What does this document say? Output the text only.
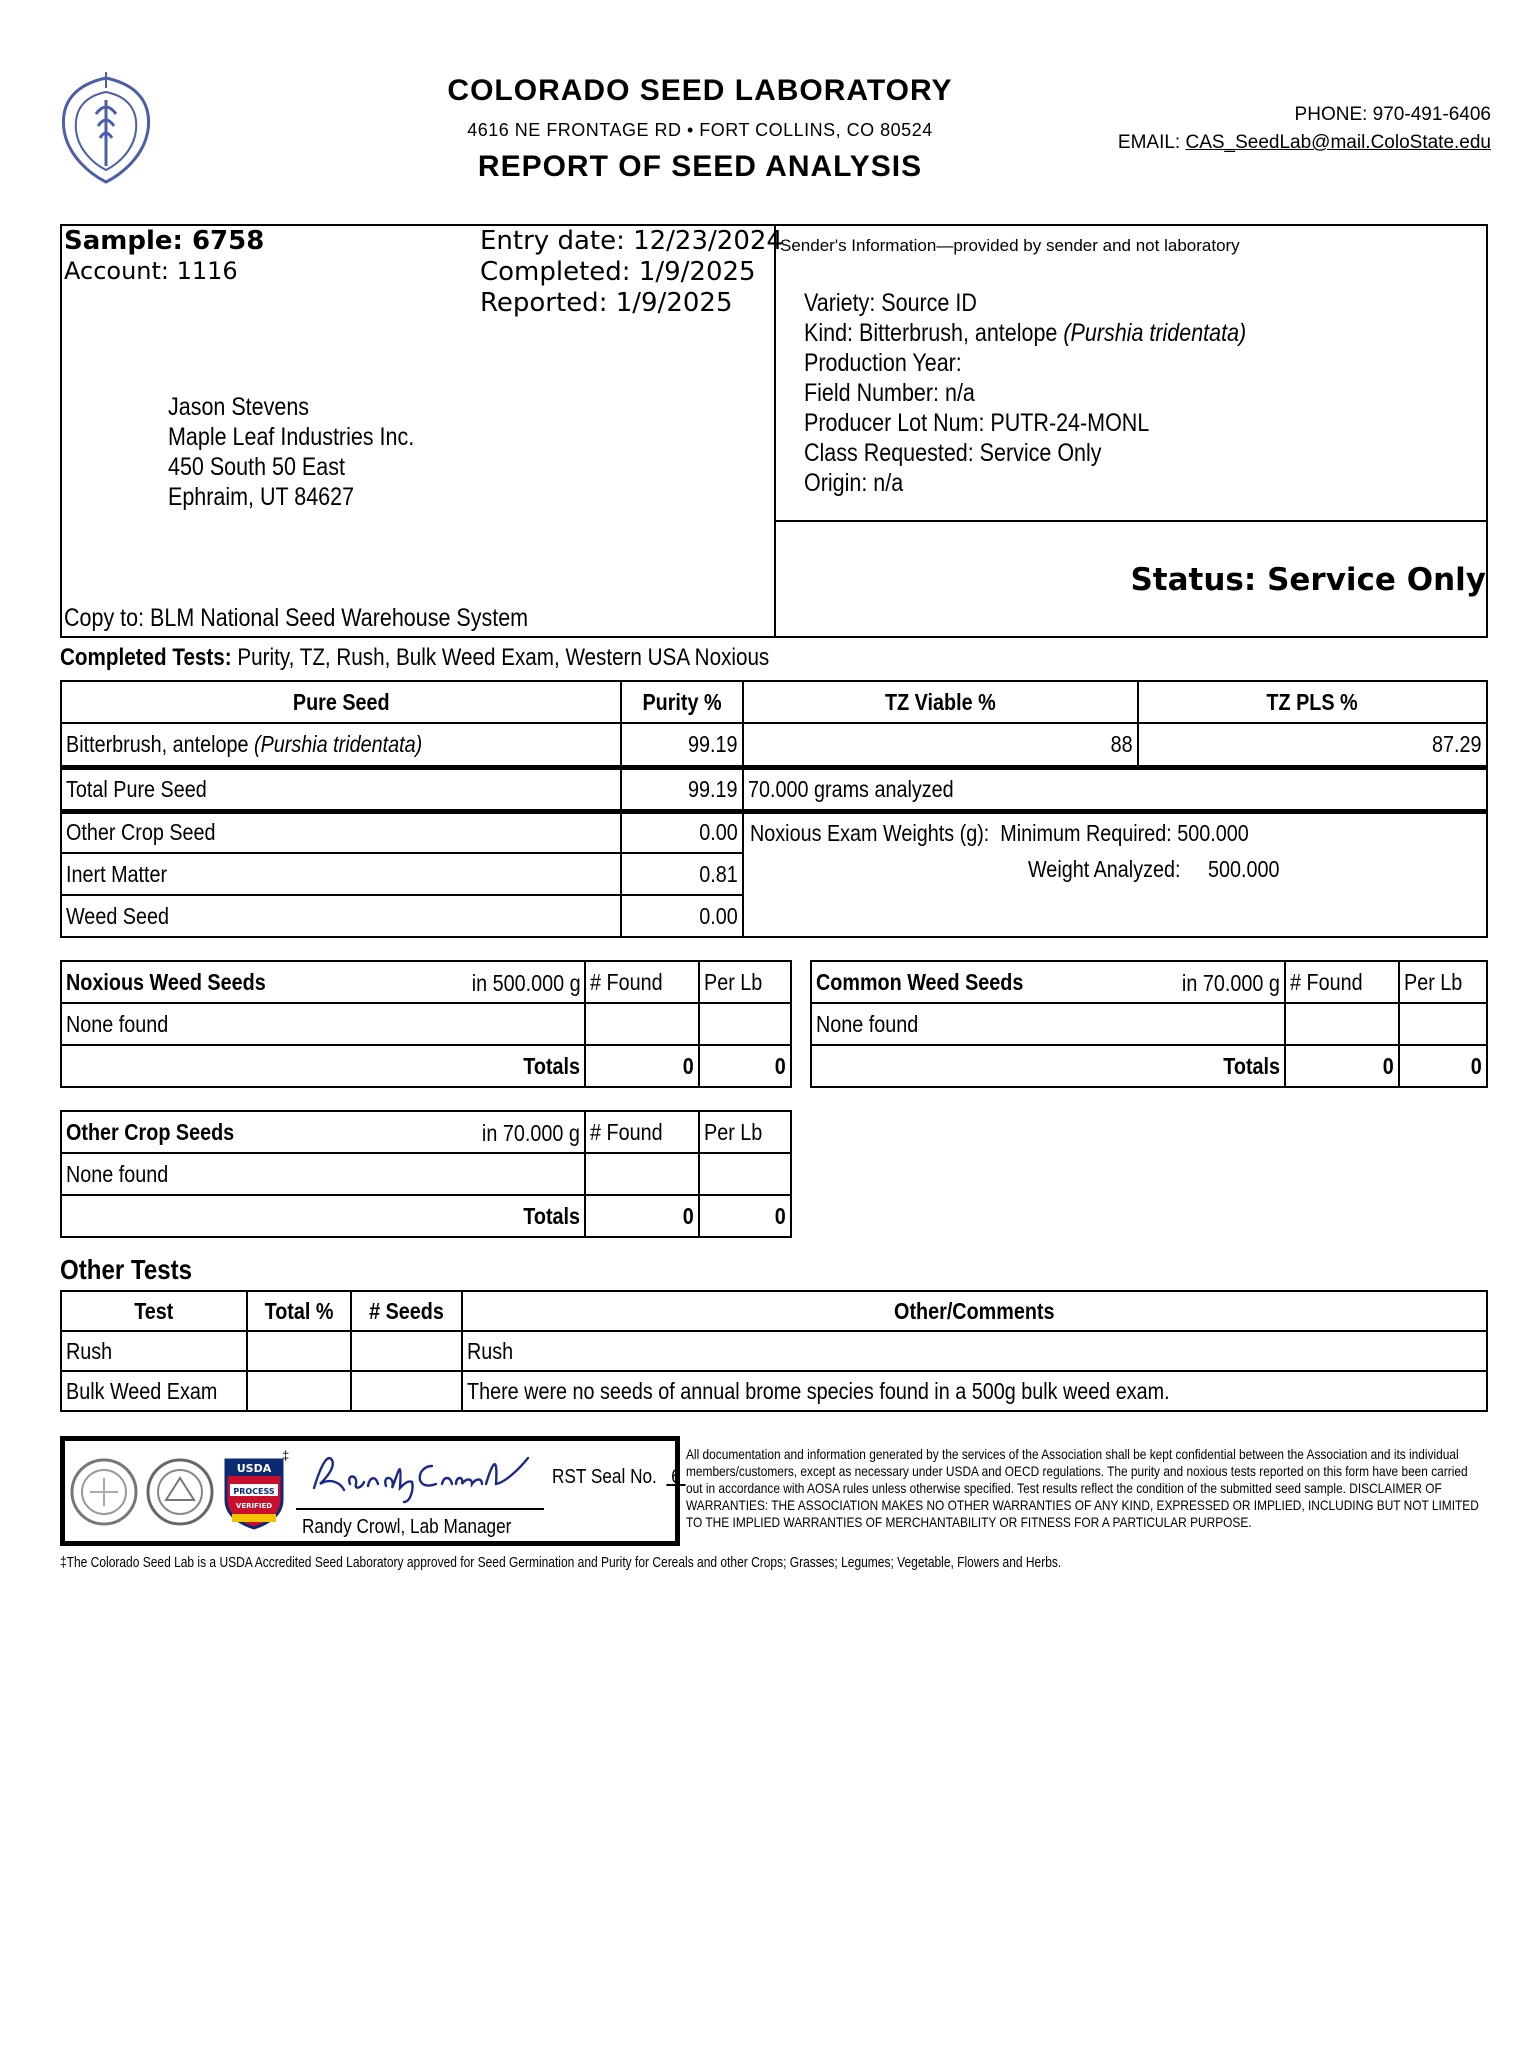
COLORADO SEED LABORATORY
4616 NE FRONTAGE RD • FORT COLLINS, CO 80524
REPORT OF SEED ANALYSIS
PHONE: 970-491-6406
EMAIL: CAS_SeedLab@mail.ColoState.edu
Sample: 6758
Account: 1116
Entry date: 12/23/2024
Completed: 1/9/2025
Reported: 1/9/2025
Jason Stevens
Maple Leaf Industries Inc.
450 South 50 East
Ephraim, UT 84627
Copy to: BLM National Seed Warehouse System
Sender's Information—provided by sender and not laboratory
Variety: Source ID
Kind: Bitterbrush, antelope (Purshia tridentata)
Production Year:
Field Number: n/a
Producer Lot Num: PUTR-24-MONL
Class Requested: Service Only
Origin: n/a
Status: Service Only
Completed Tests: Purity, TZ, Rush, Bulk Weed Exam, Western USA Noxious
Pure Seed	Purity %	TZ Viable %	TZ PLS %
Bitterbrush, antelope (Purshia tridentata)	99.19	88	87.29
Total Pure Seed	99.19	70.000 grams analyzed	
Other Crop Seed	0.00	Noxious Exam Weights (g): Minimum Required: 500.000
Weight Analyzed: 500.000	

Inert Matter	0.81		
Weed Seed	0.00		
Noxious Weed Seeds in 500.000 g	# Found	Per Lb
None found		
Totals	0	0
Common Weed Seeds in 70.000 g	# Found	Per Lb
None found		
Totals	0	0
Other Crop Seeds in 70.000 g	# Found	Per Lb
None found		
Totals	0	0
Other Tests
Test	Total %	# Seeds	Other/Comments
Rush			Rush
Bulk Weed Exam			There were no seeds of annual brome species found in a 500g bulk weed exam.
USDA
PROCESS
VERIFIED
‡
Randy Crowl, Lab Manager
RST Seal No. 6
All documentation and information generated by the services of the Association shall be kept confidential between the Association and its individual members/customers, except as necessary under USDA and OECD regulations. The purity and noxious tests reported on this form have been carried out in accordance with AOSA rules unless otherwise specified. Test results reflect the condition of the submitted seed sample. DISCLAIMER OF WARRANTIES: THE ASSOCIATION MAKES NO OTHER WARRANTIES OF ANY KIND, EXPRESSED OR IMPLIED, INCLUDING BUT NOT LIMITED TO THE IMPLIED WARRANTIES OF MERCHANTABILITY OR FITNESS FOR A PARTICULAR PURPOSE.
‡The Colorado Seed Lab is a USDA Accredited Seed Laboratory approved for Seed Germination and Purity for Cereals and other Crops; Grasses; Legumes; Vegetable, Flowers and Herbs.
